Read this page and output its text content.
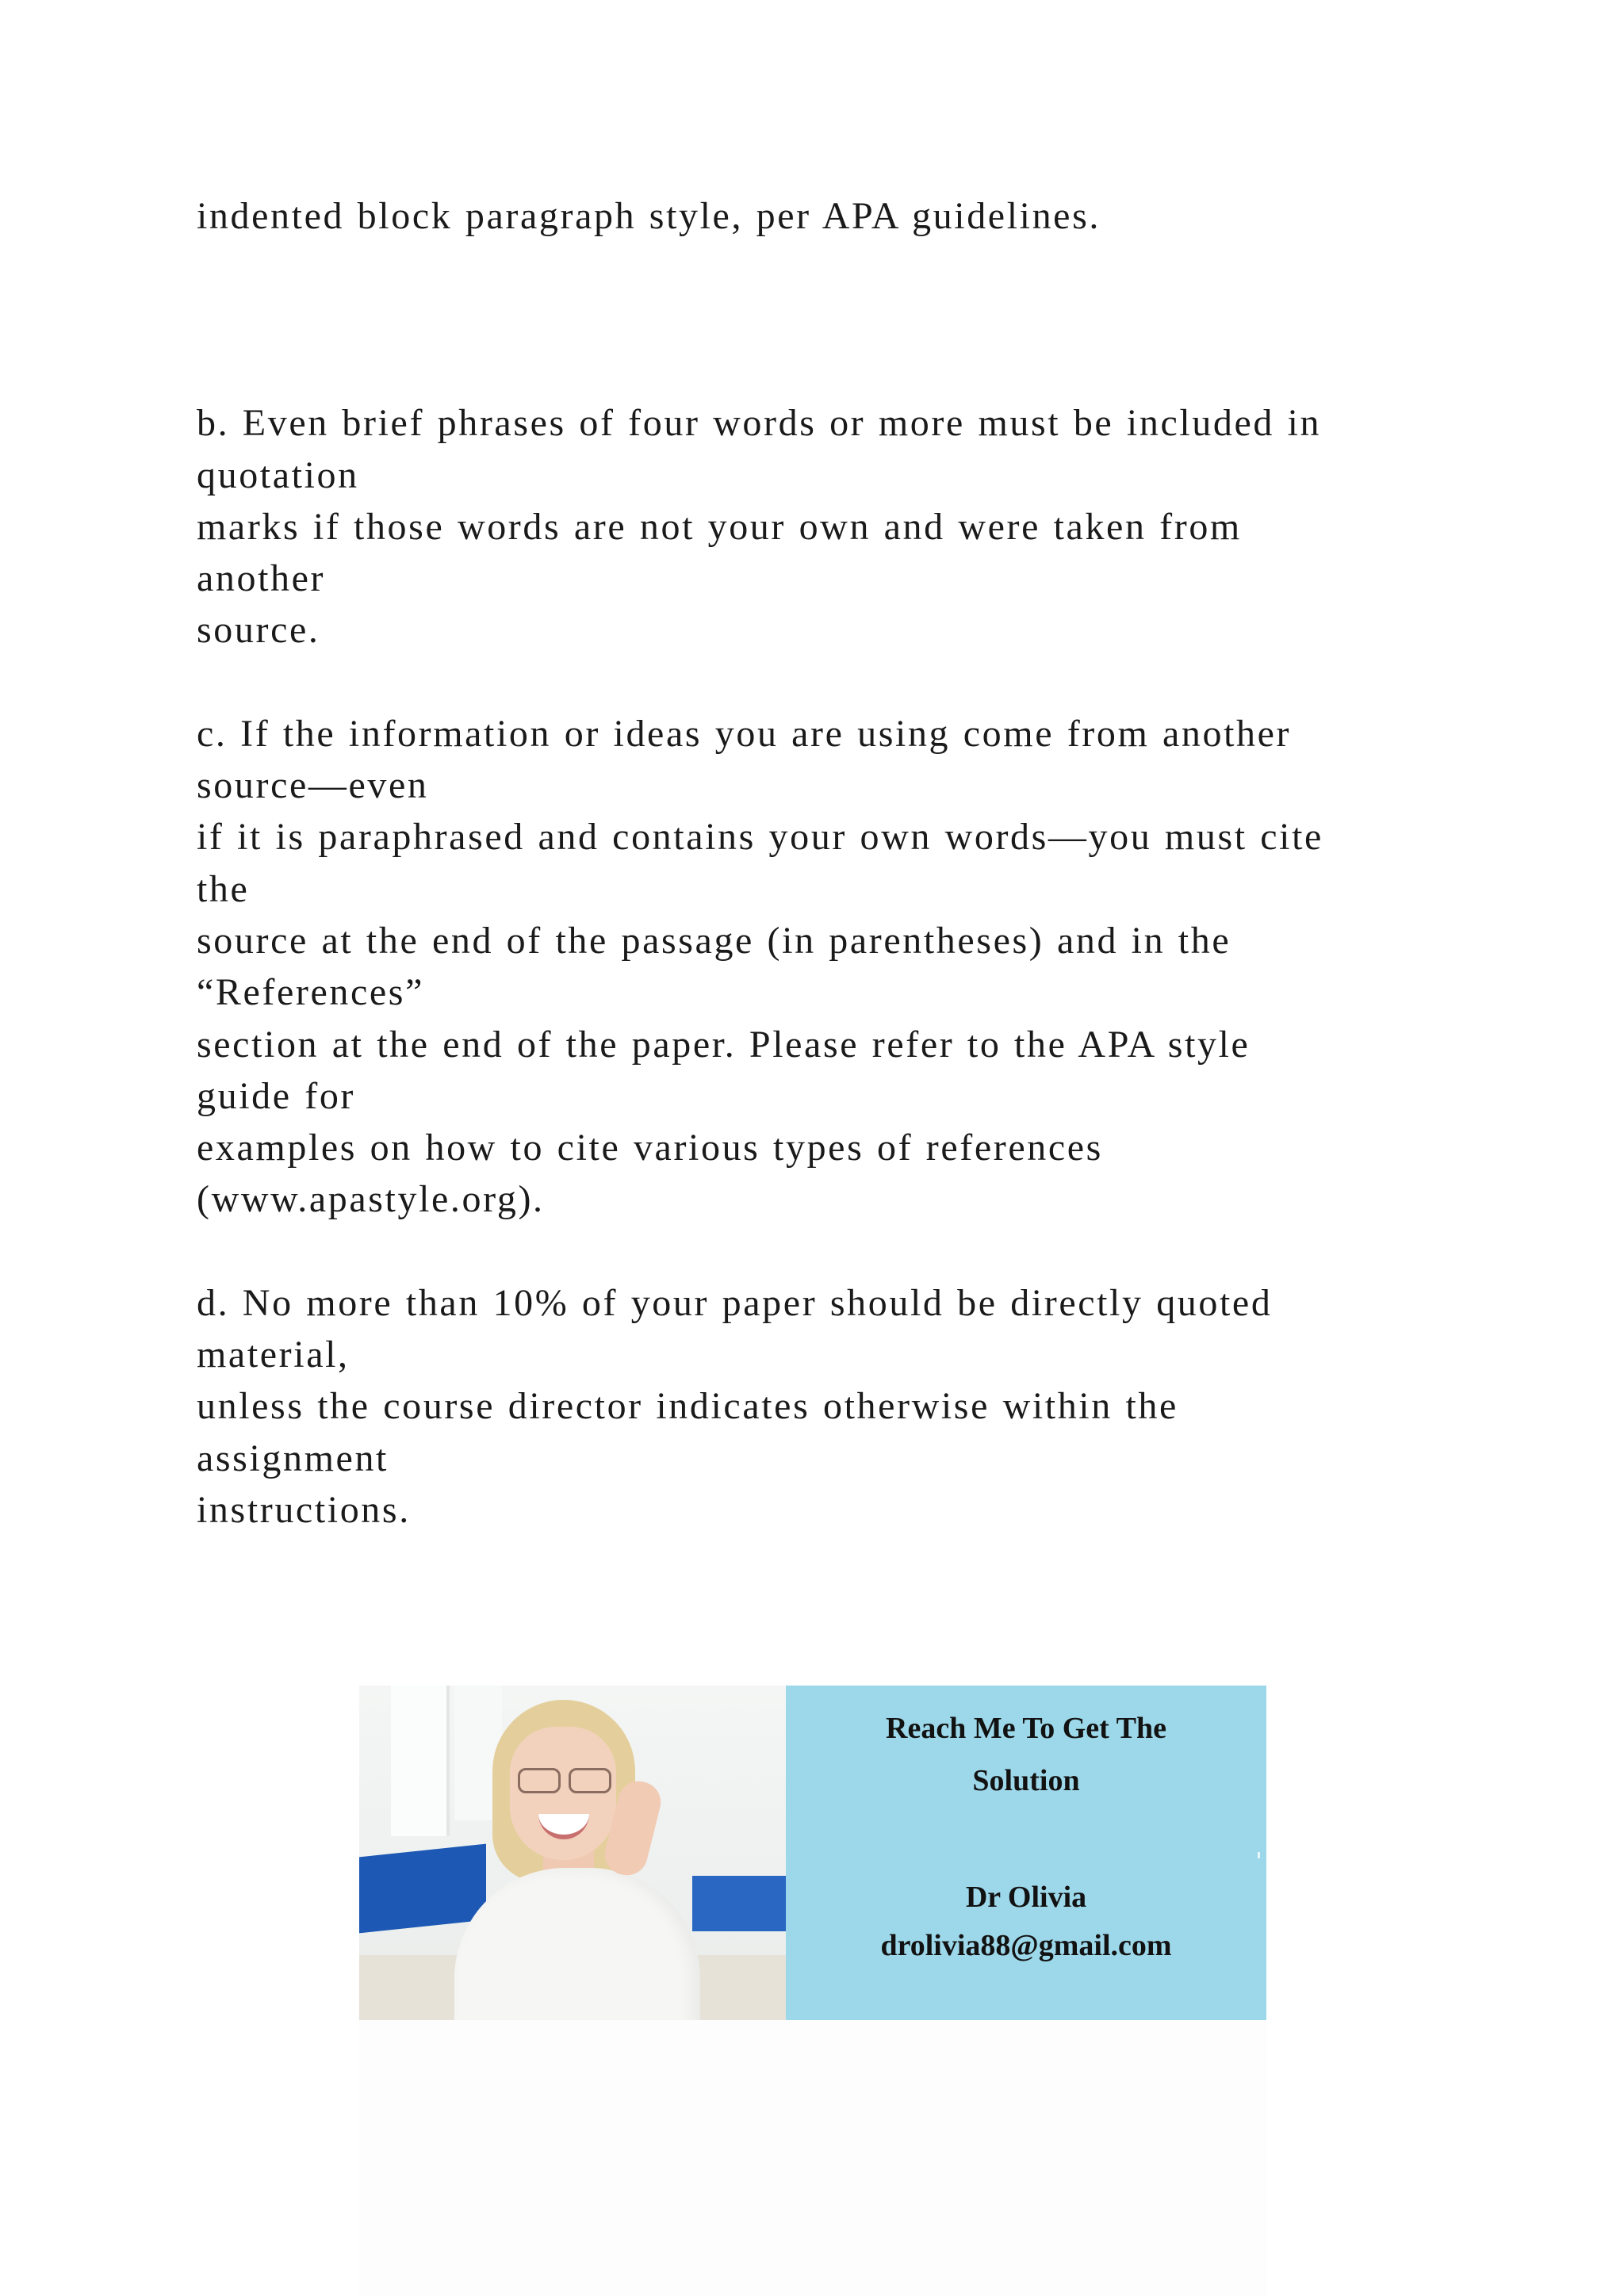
indented block paragraph style, per APA guidelines.

b. Even brief phrases of four words or more must be included in
quotation
marks if those words are not your own and were taken from
another
source.

c. If the information or ideas you are using come from another
source—even
if it is paraphrased and contains your own words—you must cite
the
source at the end of the passage (in parentheses) and in the
“References”
section at the end of the paper. Please refer to the APA style
guide for
examples on how to cite various types of references
(www.apastyle.org).

d. No more than 10% of your paper should be directly quoted
material,
unless the course director indicates otherwise within the
assignment
instructions.

Reach Me To Get The
Solution
Dr Olivia
drolivia88@gmail.com
